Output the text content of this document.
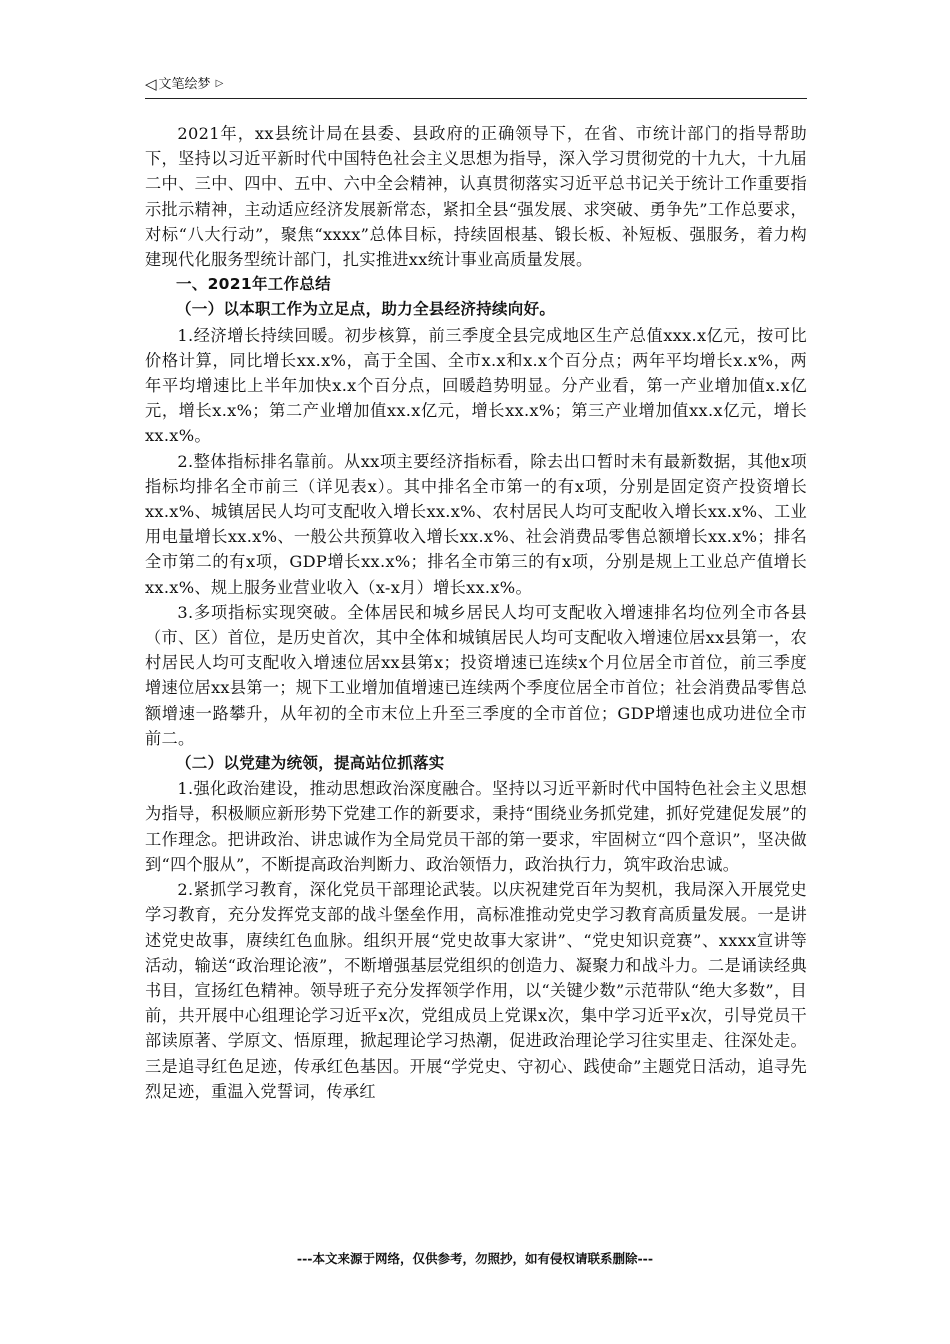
◁ 文笔绘梦 ▷

2021年，xx县统计局在县委、县政府的正确领导下，在省、市统计部门的指导帮助下，坚持以习近平新时代中国特色社会主义思想为指导，深入学习贯彻党的十九大，十九届二中、三中、四中、五中、六中全会精神，认真贯彻落实习近平总书记关于统计工作重要指示批示精神，主动适应经济发展新常态，紧扣全县“强发展、求突破、勇争先”工作总要求，对标“八大行动”，聚焦“xxxx”总体目标，持续固根基、锻长板、补短板、强服务，着力构建现代化服务型统计部门，扎实推进xx统计事业高质量发展。

一、2021年工作总结

（一）以本职工作为立足点，助力全县经济持续向好。

1.经济增长持续回暖。初步核算，前三季度全县完成地区生产总值xxx.x亿元，按可比价格计算，同比增长xx.x%，高于全国、全市x.x和x.x个百分点；两年平均增长x.x%，两年平均增速比上半年加快x.x个百分点，回暖趋势明显。分产业看，第一产业增加值x.x亿元，增长x.x%；第二产业增加值xx.x亿元，增长xx.x%；第三产业增加值xx.x亿元，增长xx.x%。

2.整体指标排名靠前。从xx项主要经济指标看，除去出口暂时未有最新数据，其他x项指标均排名全市前三（详见表x）。其中排名全市第一的有x项，分别是固定资产投资增长xx.x%、城镇居民人均可支配收入增长xx.x%、农村居民人均可支配收入增长xx.x%、工业用电量增长xx.x%、一般公共预算收入增长xx.x%、社会消费品零售总额增长xx.x%；排名全市第二的有x项，GDP增长xx.x%；排名全市第三的有x项，分别是规上工业总产值增长xx.x%、规上服务业营业收入（x-x月）增长xx.x%。

3.多项指标实现突破。全体居民和城乡居民人均可支配收入增速排名均位列全市各县（市、区）首位，是历史首次，其中全体和城镇居民人均可支配收入增速位居xx县第一，农村居民人均可支配收入增速位居xx县第x；投资增速已连续x个月位居全市首位，前三季度增速位居xx县第一；规下工业增加值增速已连续两个季度位居全市首位；社会消费品零售总额增速一路攀升，从年初的全市末位上升至三季度的全市首位；GDP增速也成功进位全市前二。

（二）以党建为统领，提高站位抓落实

1.强化政治建设，推动思想政治深度融合。坚持以习近平新时代中国特色社会主义思想为指导，积极顺应新形势下党建工作的新要求，秉持“围绕业务抓党建，抓好党建促发展”的工作理念。把讲政治、讲忠诚作为全局党员干部的第一要求，牢固树立“四个意识”，坚决做到“四个服从”，不断提高政治判断力、政治领悟力，政治执行力，筑牢政治忠诚。

2.紧抓学习教育，深化党员干部理论武装。以庆祝建党百年为契机，我局深入开展党史学习教育，充分发挥党支部的战斗堡垒作用，高标准推动党史学习教育高质量发展。一是讲述党史故事，赓续红色血脉。组织开展“党史故事大家讲”、“党史知识竞赛”、xxxx宣讲等活动，输送“政治理论液”，不断增强基层党组织的创造力、凝聚力和战斗力。二是诵读经典书目，宣扬红色精神。领导班子充分发挥领学作用，以“关键少数”示范带队“绝大多数”，目前，共开展中心组理论学习近平x次，党组成员上党课x次，集中学习近平x次，引导党员干部读原著、学原文、悟原理，掀起理论学习热潮，促进政治理论学习往实里走、往深处走。三是追寻红色足迹，传承红色基因。开展“学党史、守初心、践使命”主题党日活动，追寻先烈足迹，重温入党誓词，传承红

---本文来源于网络，仅供参考，勿照抄，如有侵权请联系删除---
